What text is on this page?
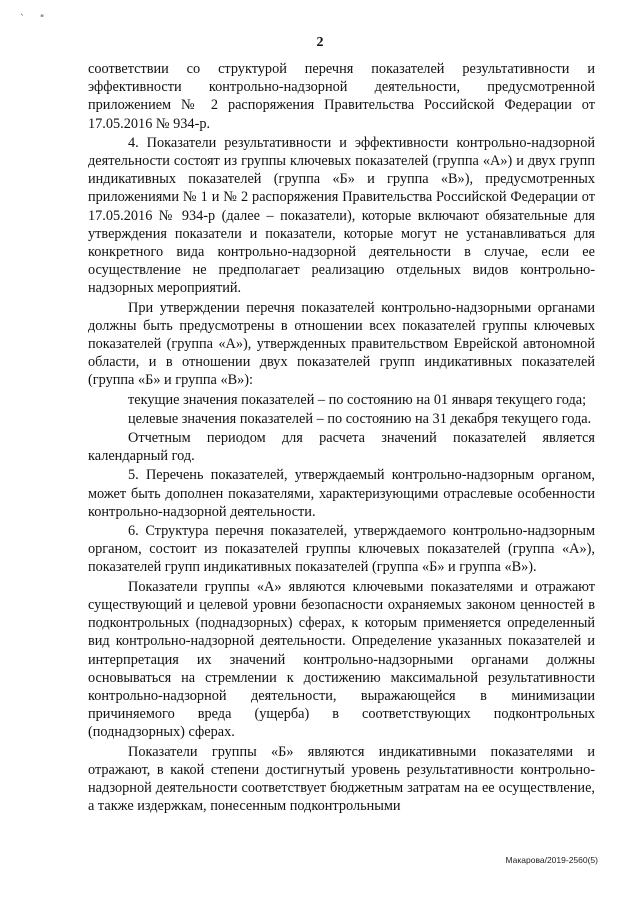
` "
2

соответствии со структурой перечня показателей результативности и эффективности контрольно-надзорной деятельности, предусмотренной приложением № 2 распоряжения Правительства Российской Федерации от 17.05.2016 № 934-р.

4. Показатели результативности и эффективности контрольно-надзорной деятельности состоят из группы ключевых показателей (группа «А») и двух групп индикативных показателей (группа «Б» и группа «В»), предусмотренных приложениями № 1 и № 2 распоряжения Правительства Российской Федерации от 17.05.2016 № 934-р (далее – показатели), которые включают обязательные для утверждения показатели и показатели, которые могут не устанавливаться для конкретного вида контрольно-надзорной деятельности в случае, если ее осуществление не предполагает реализацию отдельных видов контрольно-надзорных мероприятий.

При утверждении перечня показателей контрольно-надзорными органами должны быть предусмотрены в отношении всех показателей группы ключевых показателей (группа «А»), утвержденных правительством Еврейской автономной области, и в отношении двух показателей групп индикативных показателей (группа «Б» и группа «В»):

текущие значения показателей – по состоянию на 01 января текущего года;

целевые значения показателей – по состоянию на 31 декабря текущего года.

Отчетным периодом для расчета значений показателей является календарный год.

5. Перечень показателей, утверждаемый контрольно-надзорным органом, может быть дополнен показателями, характеризующими отраслевые особенности контрольно-надзорной деятельности.

6. Структура перечня показателей, утверждаемого контрольно-надзорным органом, состоит из показателей группы ключевых показателей (группа «А»), показателей групп индикативных показателей (группа «Б» и группа «В»).

Показатели группы «А» являются ключевыми показателями и отражают существующий и целевой уровни безопасности охраняемых законом ценностей в подконтрольных (поднадзорных) сферах, к которым применяется определенный вид контрольно-надзорной деятельности. Определение указанных показателей и интерпретация их значений контрольно-надзорными органами должны основываться на стремлении к достижению максимальной результативности контрольно-надзорной деятельности, выражающейся в минимизации причиняемого вреда (ущерба) в соответствующих подконтрольных (поднадзорных) сферах.

Показатели группы «Б» являются индикативными показателями и отражают, в какой степени достигнутый уровень результативности контрольно-надзорной деятельности соответствует бюджетным затратам на ее осуществление, а также издержкам, понесенным подконтрольными

Макарова/2019-2560(5)
